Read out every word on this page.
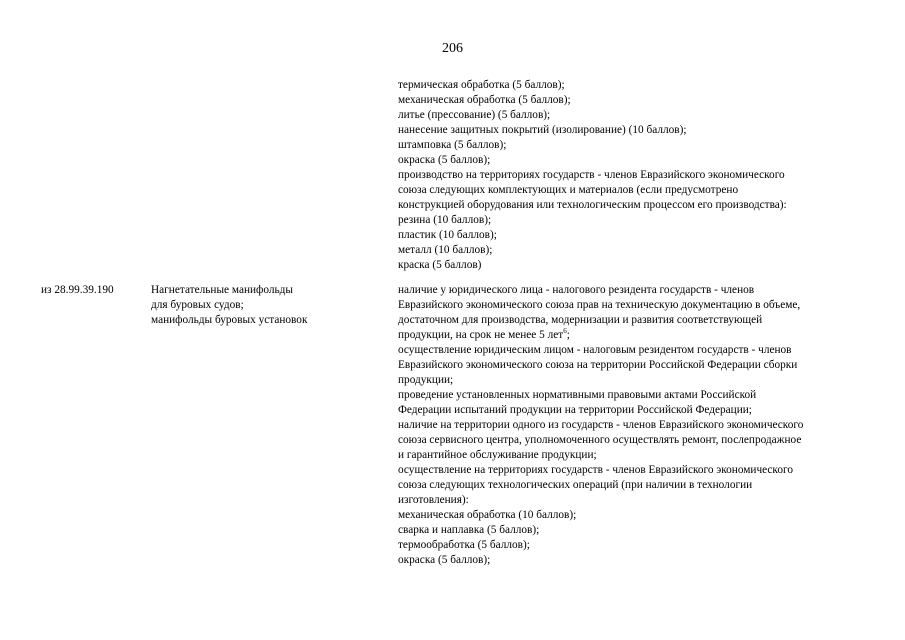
206
термическая обработка (5 баллов);
механическая обработка (5 баллов);
литье (прессование) (5 баллов);
нанесение защитных покрытий (изолирование) (10 баллов);
штамповка (5 баллов);
окраска (5 баллов);
производство на территориях государств - членов Евразийского экономического
союза следующих комплектующих и материалов (если предусмотрено
конструкцией оборудования или технологическим процессом его производства):
резина (10 баллов);
пластик (10 баллов);
металл (10 баллов);
краска (5 баллов)
из 28.99.39.190	Нагнетательные манифольды
для буровых судов;
манифольды буровых установок
наличие у юридического лица - налогового резидента государств - членов
Евразийского экономического союза прав на техническую документацию в объеме,
достаточном для производства, модернизации и развития соответствующей
продукции, на срок не менее 5 лет$^6$;
осуществление юридическим лицом - налоговым резидентом государств - членов
Евразийского экономического союза на территории Российской Федерации сборки
продукции;
проведение установленных нормативными правовыми актами Российской
Федерации испытаний продукции на территории Российской Федерации;
наличие на территории одного из государств - членов Евразийского экономического
союза сервисного центра, уполномоченного осуществлять ремонт, послепродажное
и гарантийное обслуживание продукции;
осуществление на территориях государств - членов Евразийского экономического
союза следующих технологических операций (при наличии в технологии
изготовления):
механическая обработка (10 баллов);
сварка и наплавка (5 баллов);
термообработка (5 баллов);
окраска (5 баллов);
